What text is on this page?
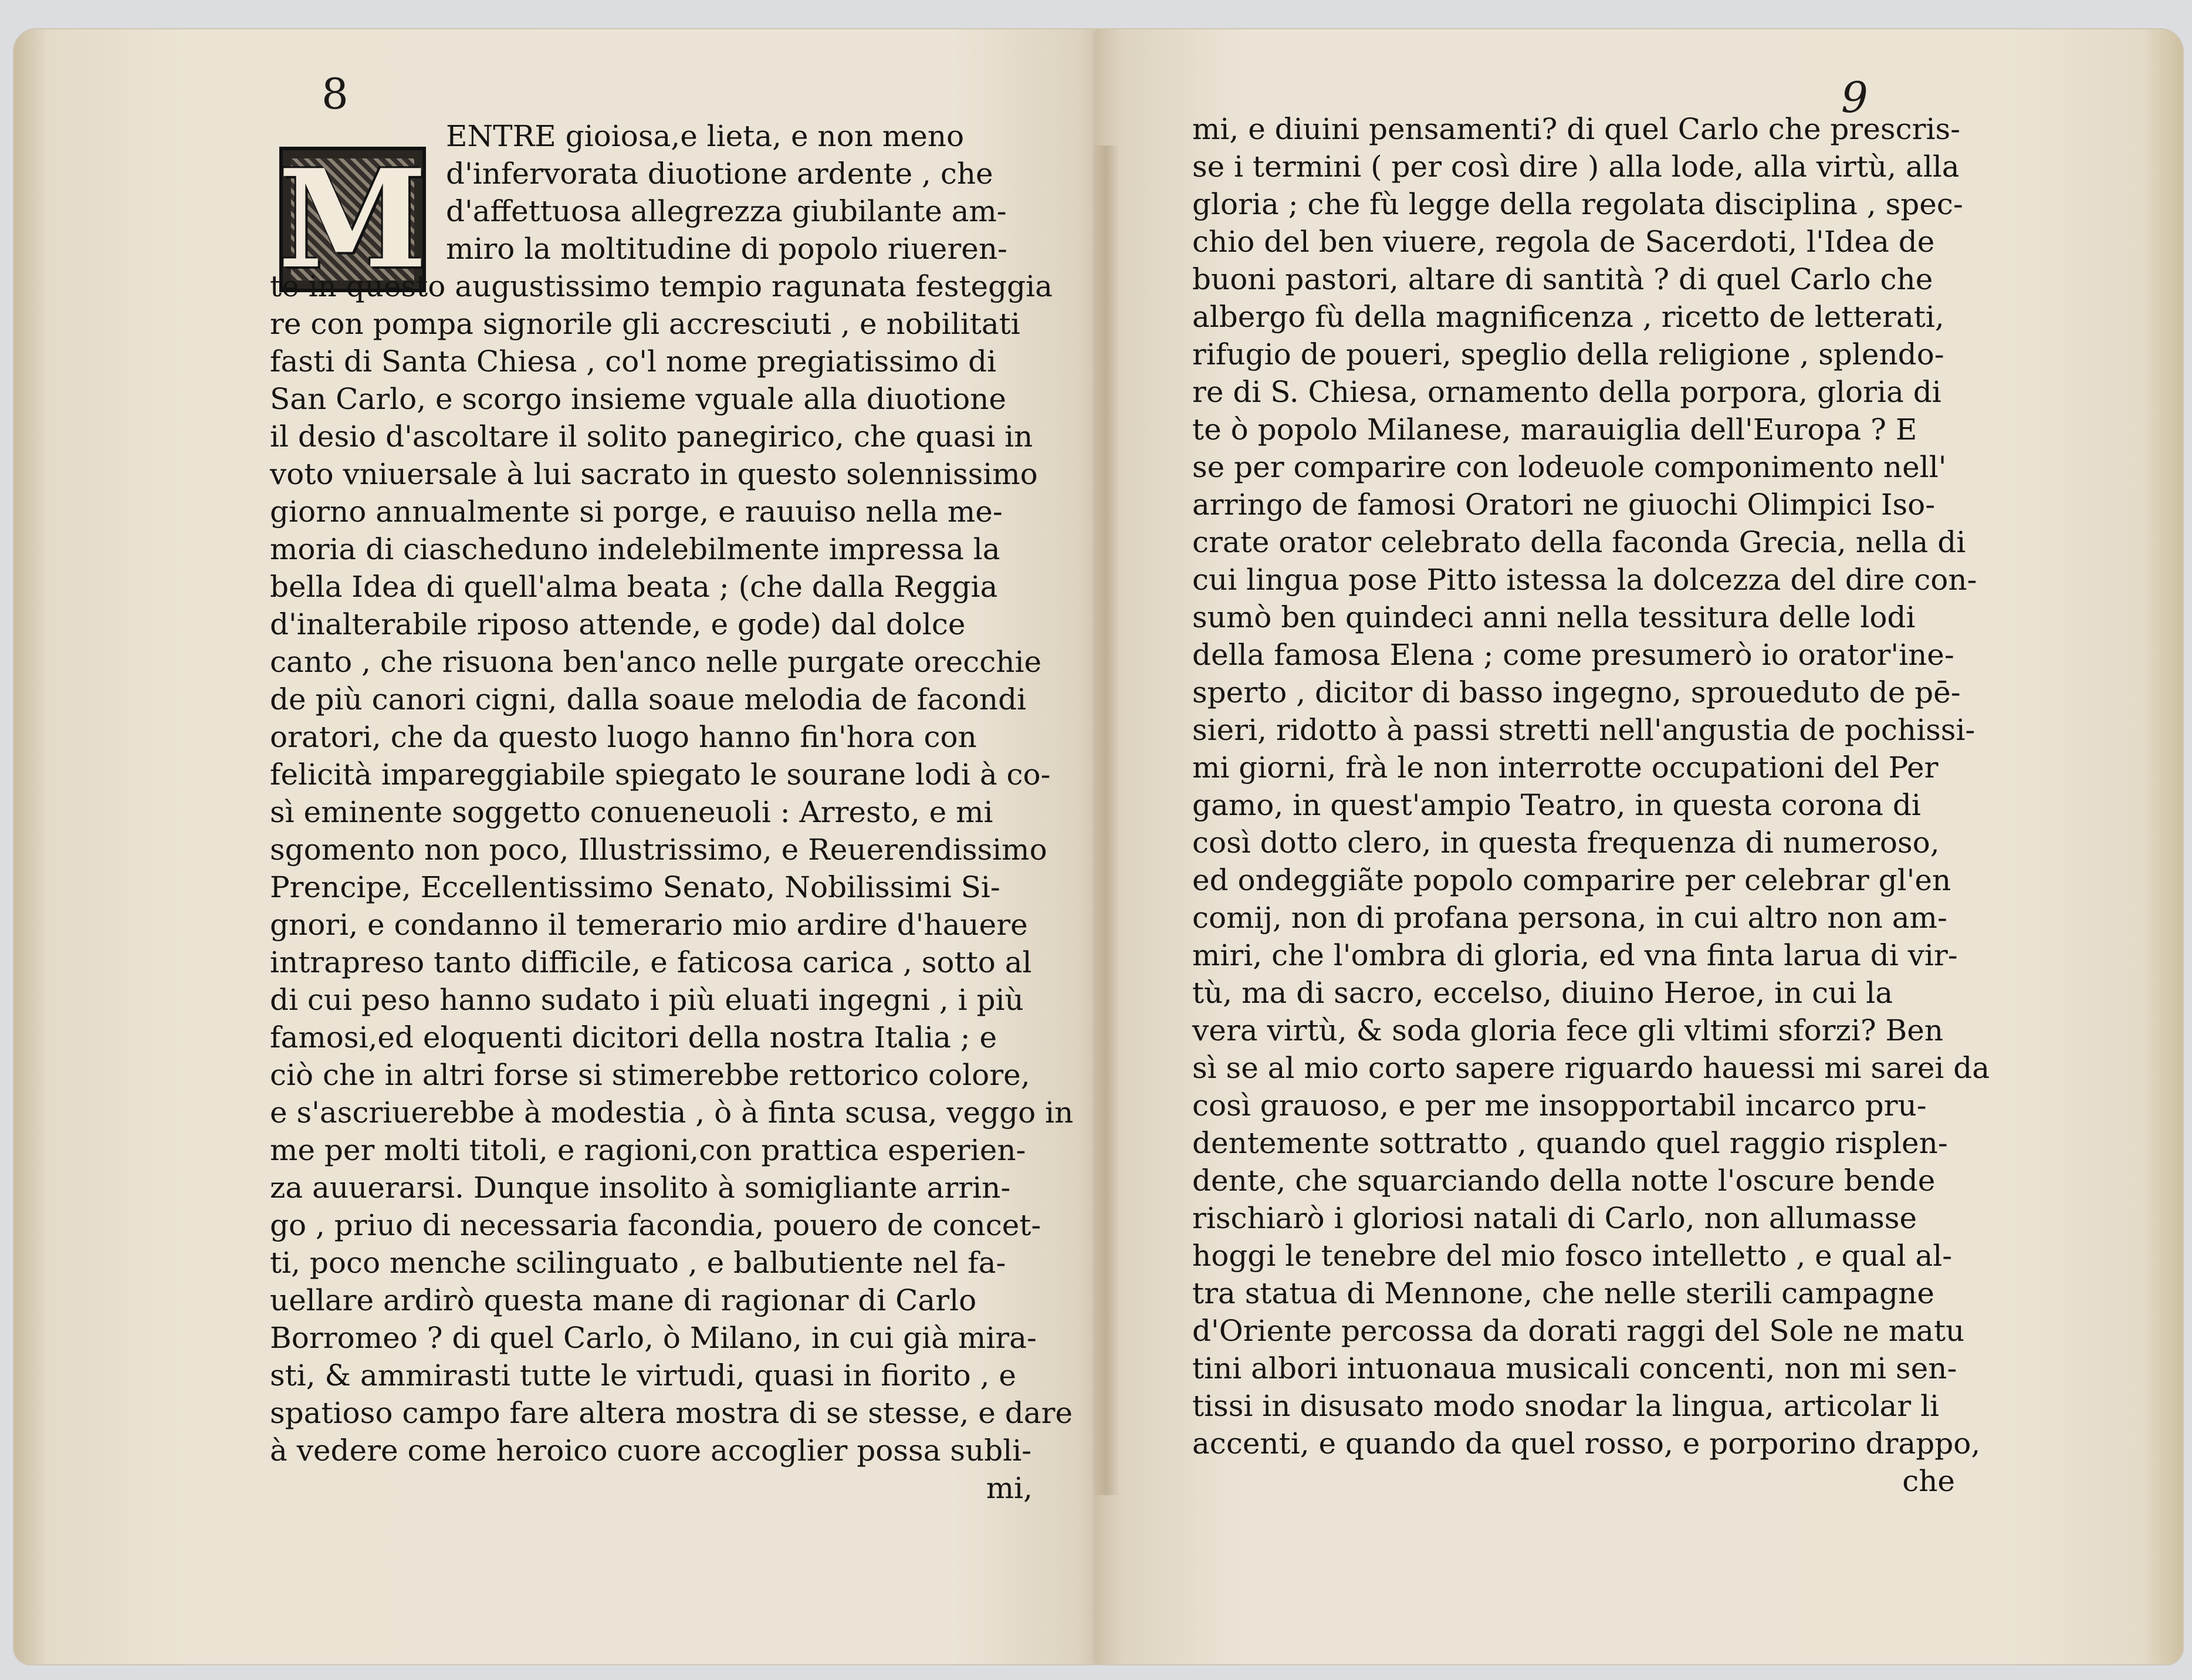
8	9

M
ENTRE gioiosa,e lieta, e non meno
d'infervorata diuotione ardente , che
d'affettuosa allegrezza giubilante am-
miro la moltitudine di popolo riueren-
te in questo augustissimo tempio ragunata festeggia
re con pompa signorile gli accresciuti , e nobilitati
fasti di Santa Chiesa , co'l nome pregiatissimo di
San Carlo, e scorgo insieme vguale alla diuotione
il desio d'ascoltare il solito panegirico, che quasi in
voto vniuersale à lui sacrato in questo solennissimo
giorno annualmente si porge, e rauuiso nella me-
moria di ciascheduno indelebilmente impressa la
bella Idea di quell'alma beata ; (che dalla Reggia
d'inalterabile riposo attende, e gode) dal dolce
canto , che risuona ben'anco nelle purgate orecchie
de più canori cigni, dalla soaue melodia de facondi
oratori, che da questo luogo hanno fin'hora con
felicità impareggiabile spiegato le sourane lodi à co-
sì eminente soggetto conueneuoli : Arresto, e mi
sgomento non poco, Illustrissimo, e Reuerendissimo
Prencipe, Eccellentissimo Senato, Nobilissimi Si-
gnori, e condanno il temerario mio ardire d'hauere
intrapreso tanto difficile, e faticosa carica , sotto al
di cui peso hanno sudato i più eluati ingegni , i più
famosi,ed eloquenti dicitori della nostra Italia ; e
ciò che in altri forse si stimerebbe rettorico colore,
e s'ascriuerebbe à modestia , ò à finta scusa, veggo in
me per molti titoli, e ragioni,con prattica esperien-
za auuerarsi. Dunque insolito à somigliante arrin-
go , priuo di necessaria facondia, pouero de concet-
ti, poco menche scilinguato , e balbutiente nel fa-
uellare ardirò questa mane di ragionar di Carlo
Borromeo ? di quel Carlo, ò Milano, in cui già mira-
sti, & ammirasti tutte le virtudi, quasi in fiorito , e
spatioso campo fare altera mostra di se stesse, e dare
à vedere come heroico cuore accoglier possa subli-
mi,
mi, e diuini pensamenti? di quel Carlo che prescris-
se i termini ( per così dire ) alla lode, alla virtù, alla
gloria ; che fù legge della regolata disciplina , spec-
chio del ben viuere, regola de Sacerdoti, l'Idea de
buoni pastori, altare di santità ? di quel Carlo che
albergo fù della magnificenza , ricetto de letterati,
rifugio de poueri, speglio della religione , splendo-
re di S. Chiesa, ornamento della porpora, gloria di
te ò popolo Milanese, marauiglia dell'Europa ? E
se per comparire con lodeuole componimento nell'
arringo de famosi Oratori ne giuochi Olimpici Iso-
crate orator celebrato della faconda Grecia, nella di
cui lingua pose Pitto istessa la dolcezza del dire con-
sumò ben quindeci anni nella tessitura delle lodi
della famosa Elena ; come presumerò io orator'ine-
sperto , dicitor di basso ingegno, sproueduto de pē-
sieri, ridotto à passi stretti nell'angustia de pochissi-
mi giorni, frà le non interrotte occupationi del Per
gamo, in quest'ampio Teatro, in questa corona di
così dotto clero, in questa frequenza di numeroso,
ed ondeggiãte popolo comparire per celebrar gl'en
comij, non di profana persona, in cui altro non am-
miri, che l'ombra di gloria, ed vna finta larua di vir-
tù, ma di sacro, eccelso, diuino Heroe, in cui la
vera virtù, & soda gloria fece gli vltimi sforzi? Ben
sì se al mio corto sapere riguardo hauessi mi sarei da
così grauoso, e per me insopportabil incarco pru-
dentemente sottratto , quando quel raggio risplen-
dente, che squarciando della notte l'oscure bende
rischiarò i gloriosi natali di Carlo, non allumasse
hoggi le tenebre del mio fosco intelletto , e qual al-
tra statua di Mennone, che nelle sterili campagne
d'Oriente percossa da dorati raggi del Sole ne matu
tini albori intuonaua musicali concenti, non mi sen-
tissi in disusato modo snodar la lingua, articolar li
accenti, e quando da quel rosso, e porporino drappo,
che
